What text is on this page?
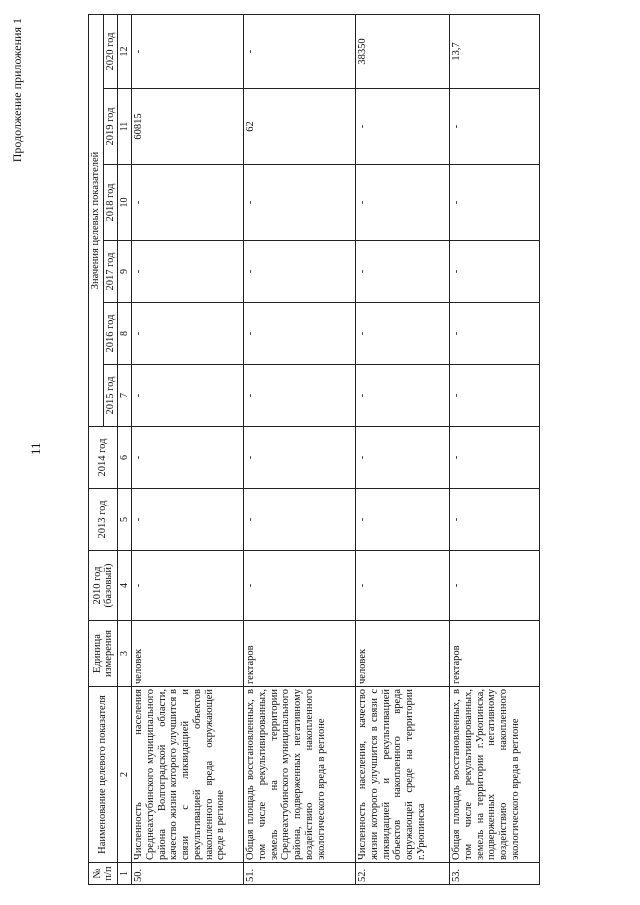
11
Продолжение приложения 1
№ п/п	Наименование целевого показателя	Единица измерения	2010 год (базовый)	2013 год	2014 год	Значения целевых показателей					
						2015 год	2016 год	2017 год	2018 год	2019 год	2020 год
1	2	3	4	5	6	7	8	9	10	11	12
50.	Численность населения Среднеахтубинского муниципального района Волгоградской области, качество жизни которого улучшится в связи с ликвидацией и рекультивацией объектов накопленного вреда окружающей среде в регионе	человек	-	-	-	-	-	-	-	60815	-
51.	Общая площадь восстановленных, в том числе рекультивированных, земель на территории Среднеахтубинского муниципального района, подверженных негативному воздействию накопленного экологического вреда в регионе	гектаров	-	-	-	-	-	-	-	62	-
52.	Численность населения, качество жизни которого улучшится в связи с ликвидацией и рекультивацией объектов накопленного вреда окружающей среде на территории г.Урюпинска	человек	-	-	-	-	-	-	-	-	38350
53.	Общая площадь восстановленных, в том числе рекультивированных, земель на территории г.Урюпинска, подверженных негативному воздействию накопленного экологического вреда в регионе	гектаров	-	-	-	-	-	-	-	-	13,7
